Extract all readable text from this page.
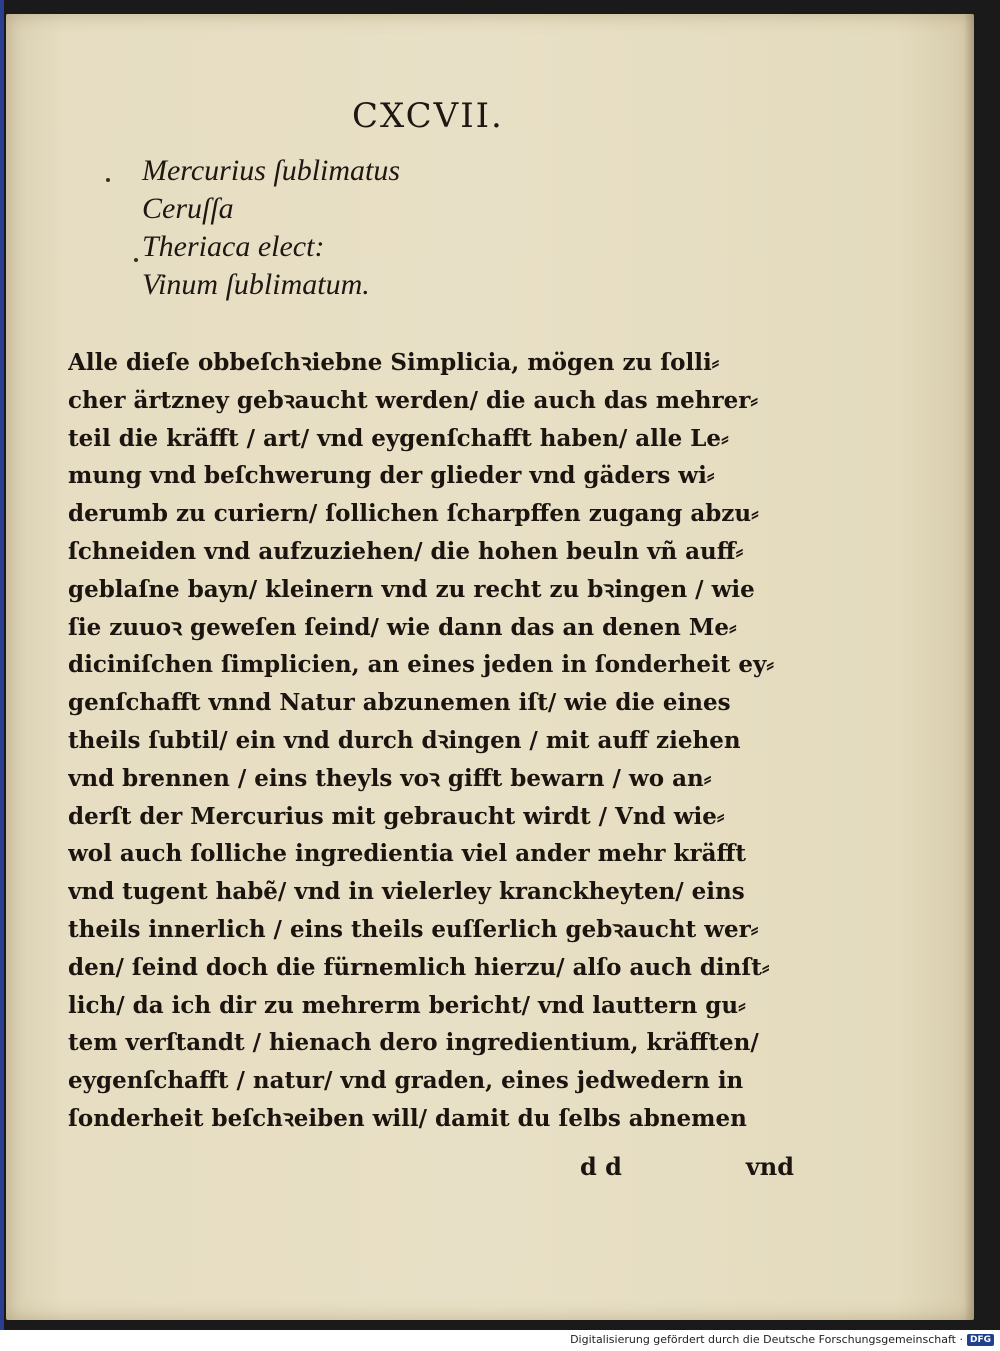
CXCVII.
Mercurius ſublimatus
Ceruſſa
Theriaca elect:
Vinum ſublimatum.
Alle dieſe obbeſchꝛiebne Simplicia, mögen zu ſolli⸗
cher ärtzney gebꝛaucht werden/ die auch das mehrer⸗
teil die kräfft / art/ vnd eygenſchafft haben/ alle Le⸗
mung vnd beſchwerung der glieder vnd gäders wi⸗
derumb zu curiern/ ſollichen ſcharpffen zugang abzu⸗
ſchneiden vnd aufzuziehen/ die hohen beuln vñ auff⸗
geblaſne bayn/ kleinern vnd zu recht zu bꝛingen / wie
ſie zuuoꝛ geweſen ſeind/ wie dann das an denen Me⸗
diciniſchen ſimplicien, an eines jeden in ſonderheit ey⸗
genſchafft vnnd Natur abzunemen iſt/ wie die eines
theils ſubtil/ ein vnd durch dꝛingen / mit auff ziehen
vnd brennen / eins theyls voꝛ gifft bewarn / wo an⸗
derſt der Mercurius mit gebraucht wirdt / Vnd wie⸗
wol auch ſolliche ingredientia viel ander mehr kräfft
vnd tugent habẽ/ vnd in vielerley kranckheyten/ eins
theils innerlich / eins theils euſſerlich gebꝛaucht wer⸗
den/ ſeind doch die fürnemlich hierzu/ alſo auch dinſt⸗
lich/ da ich dir zu mehrerm bericht/ vnd lauttern gu⸗
tem verſtandt / hienach dero ingredientium, kräfften/
eygenſchafft / natur/ vnd graden, eines jedwedern in
ſonderheit beſchꝛeiben will/ damit du ſelbs abnemen
d d	vnd
Digitalisierung gefördert durch die Deutsche Forschungsgemeinschaft · DFG
